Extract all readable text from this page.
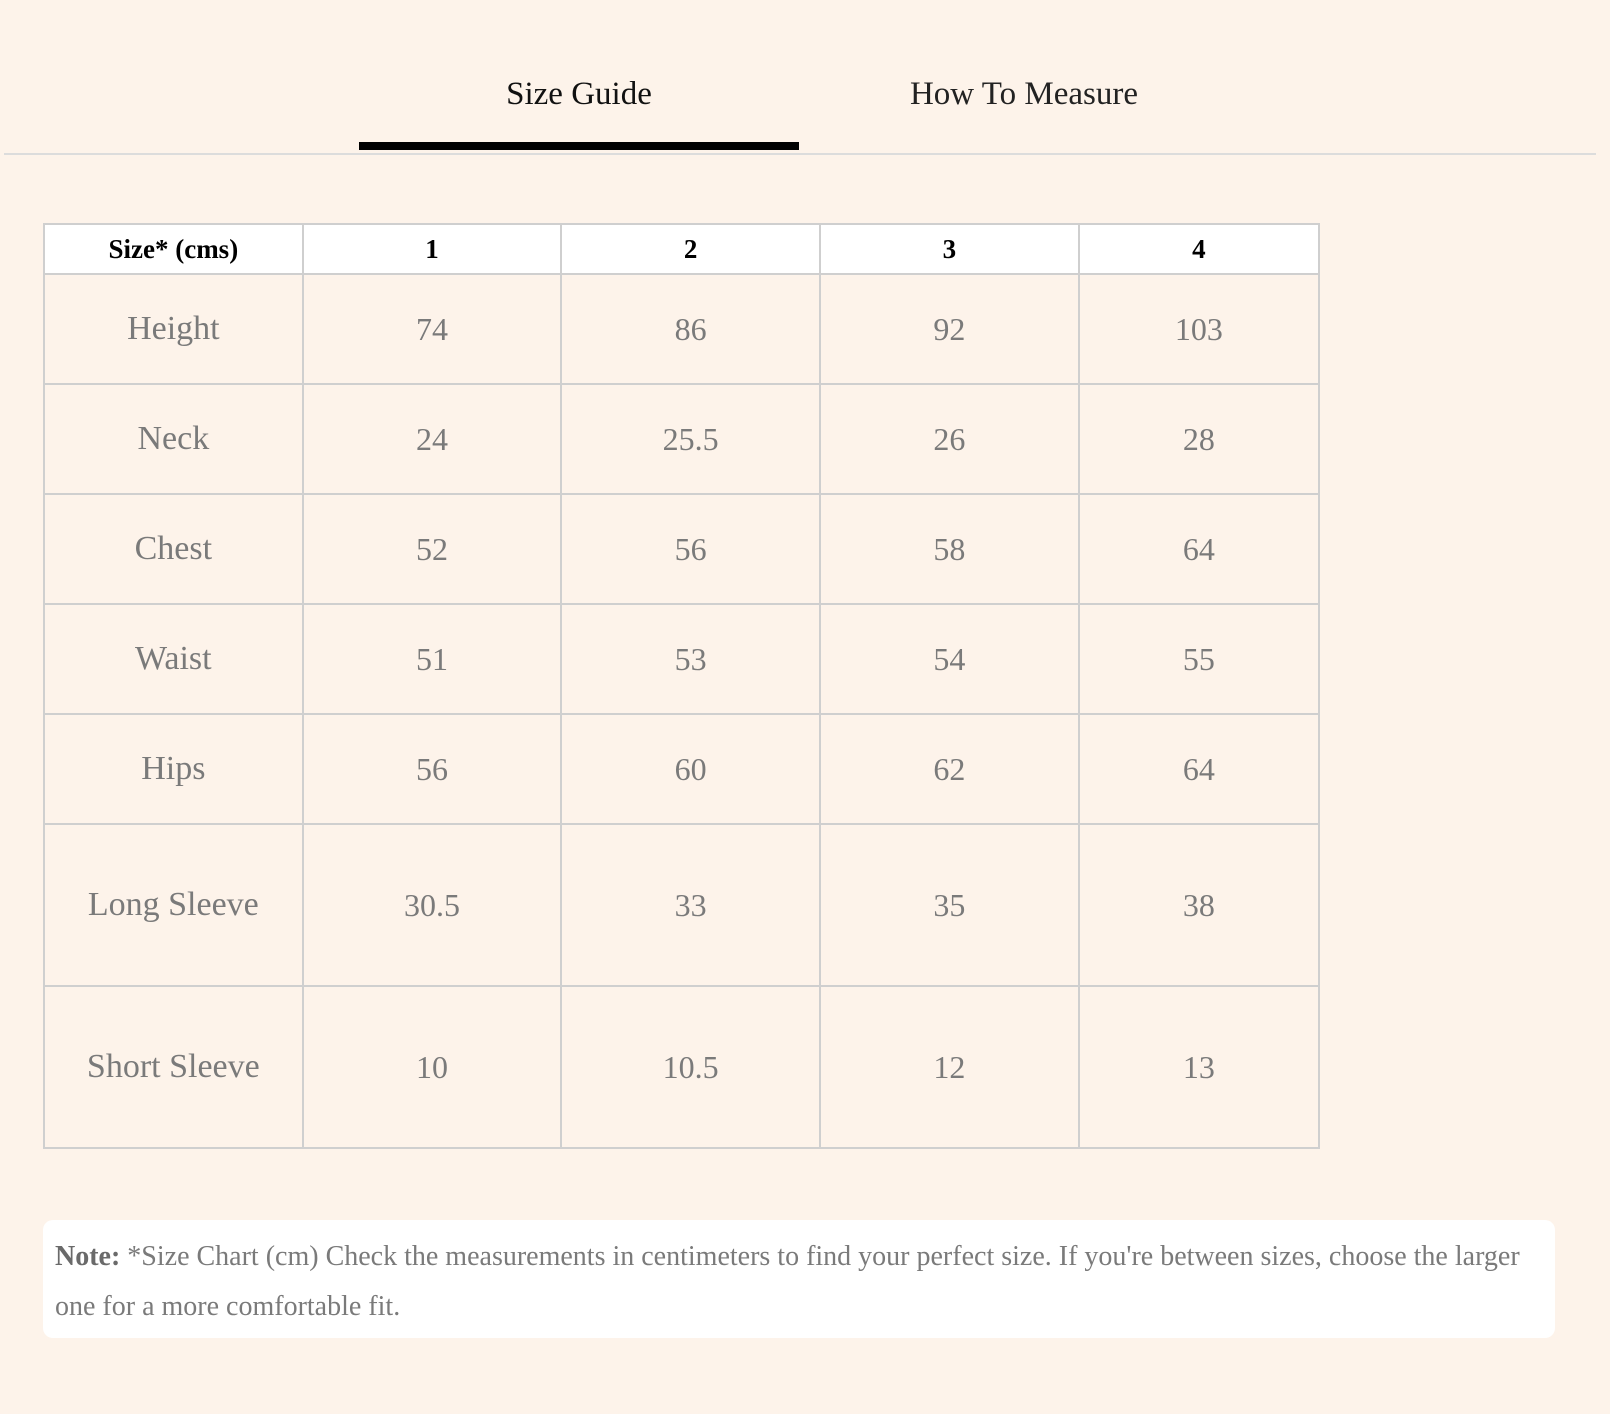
Size Guide	How To Measure
Size* (cms)	1	2	3	4
Height	74	86	92	103
Neck	24	25.5	26	28
Chest	52	56	58	64
Waist	51	53	54	55
Hips	56	60	62	64
Long Sleeve	30.5	33	35	38
Short Sleeve	10	10.5	12	13
Note: *Size Chart (cm) Check the measurements in centimeters to find your perfect size. If you're between sizes, choose the larger one for a more comfortable fit.
